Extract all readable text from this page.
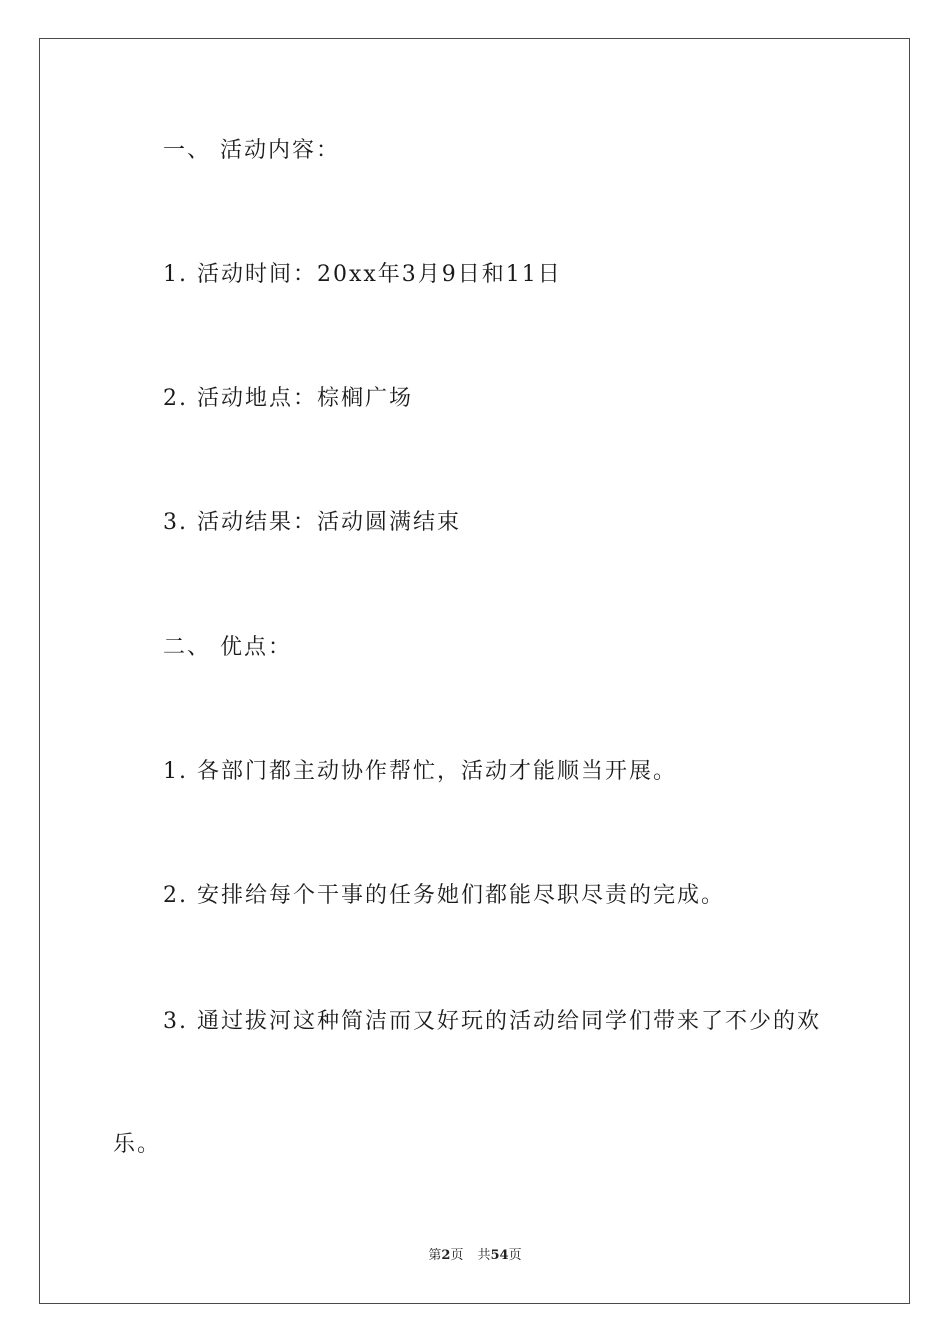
一、 活动内容：
1. 活动时间：20xx年3月9日和11日
2. 活动地点：棕榈广场
3. 活动结果：活动圆满结束
二、 优点：
1. 各部门都主动协作帮忙，活动才能顺当开展。
2. 安排给每个干事的任务她们都能尽职尽责的完成。
3. 通过拔河这种简洁而又好玩的活动给同学们带来了不少的欢
乐。
第2页 共54页
